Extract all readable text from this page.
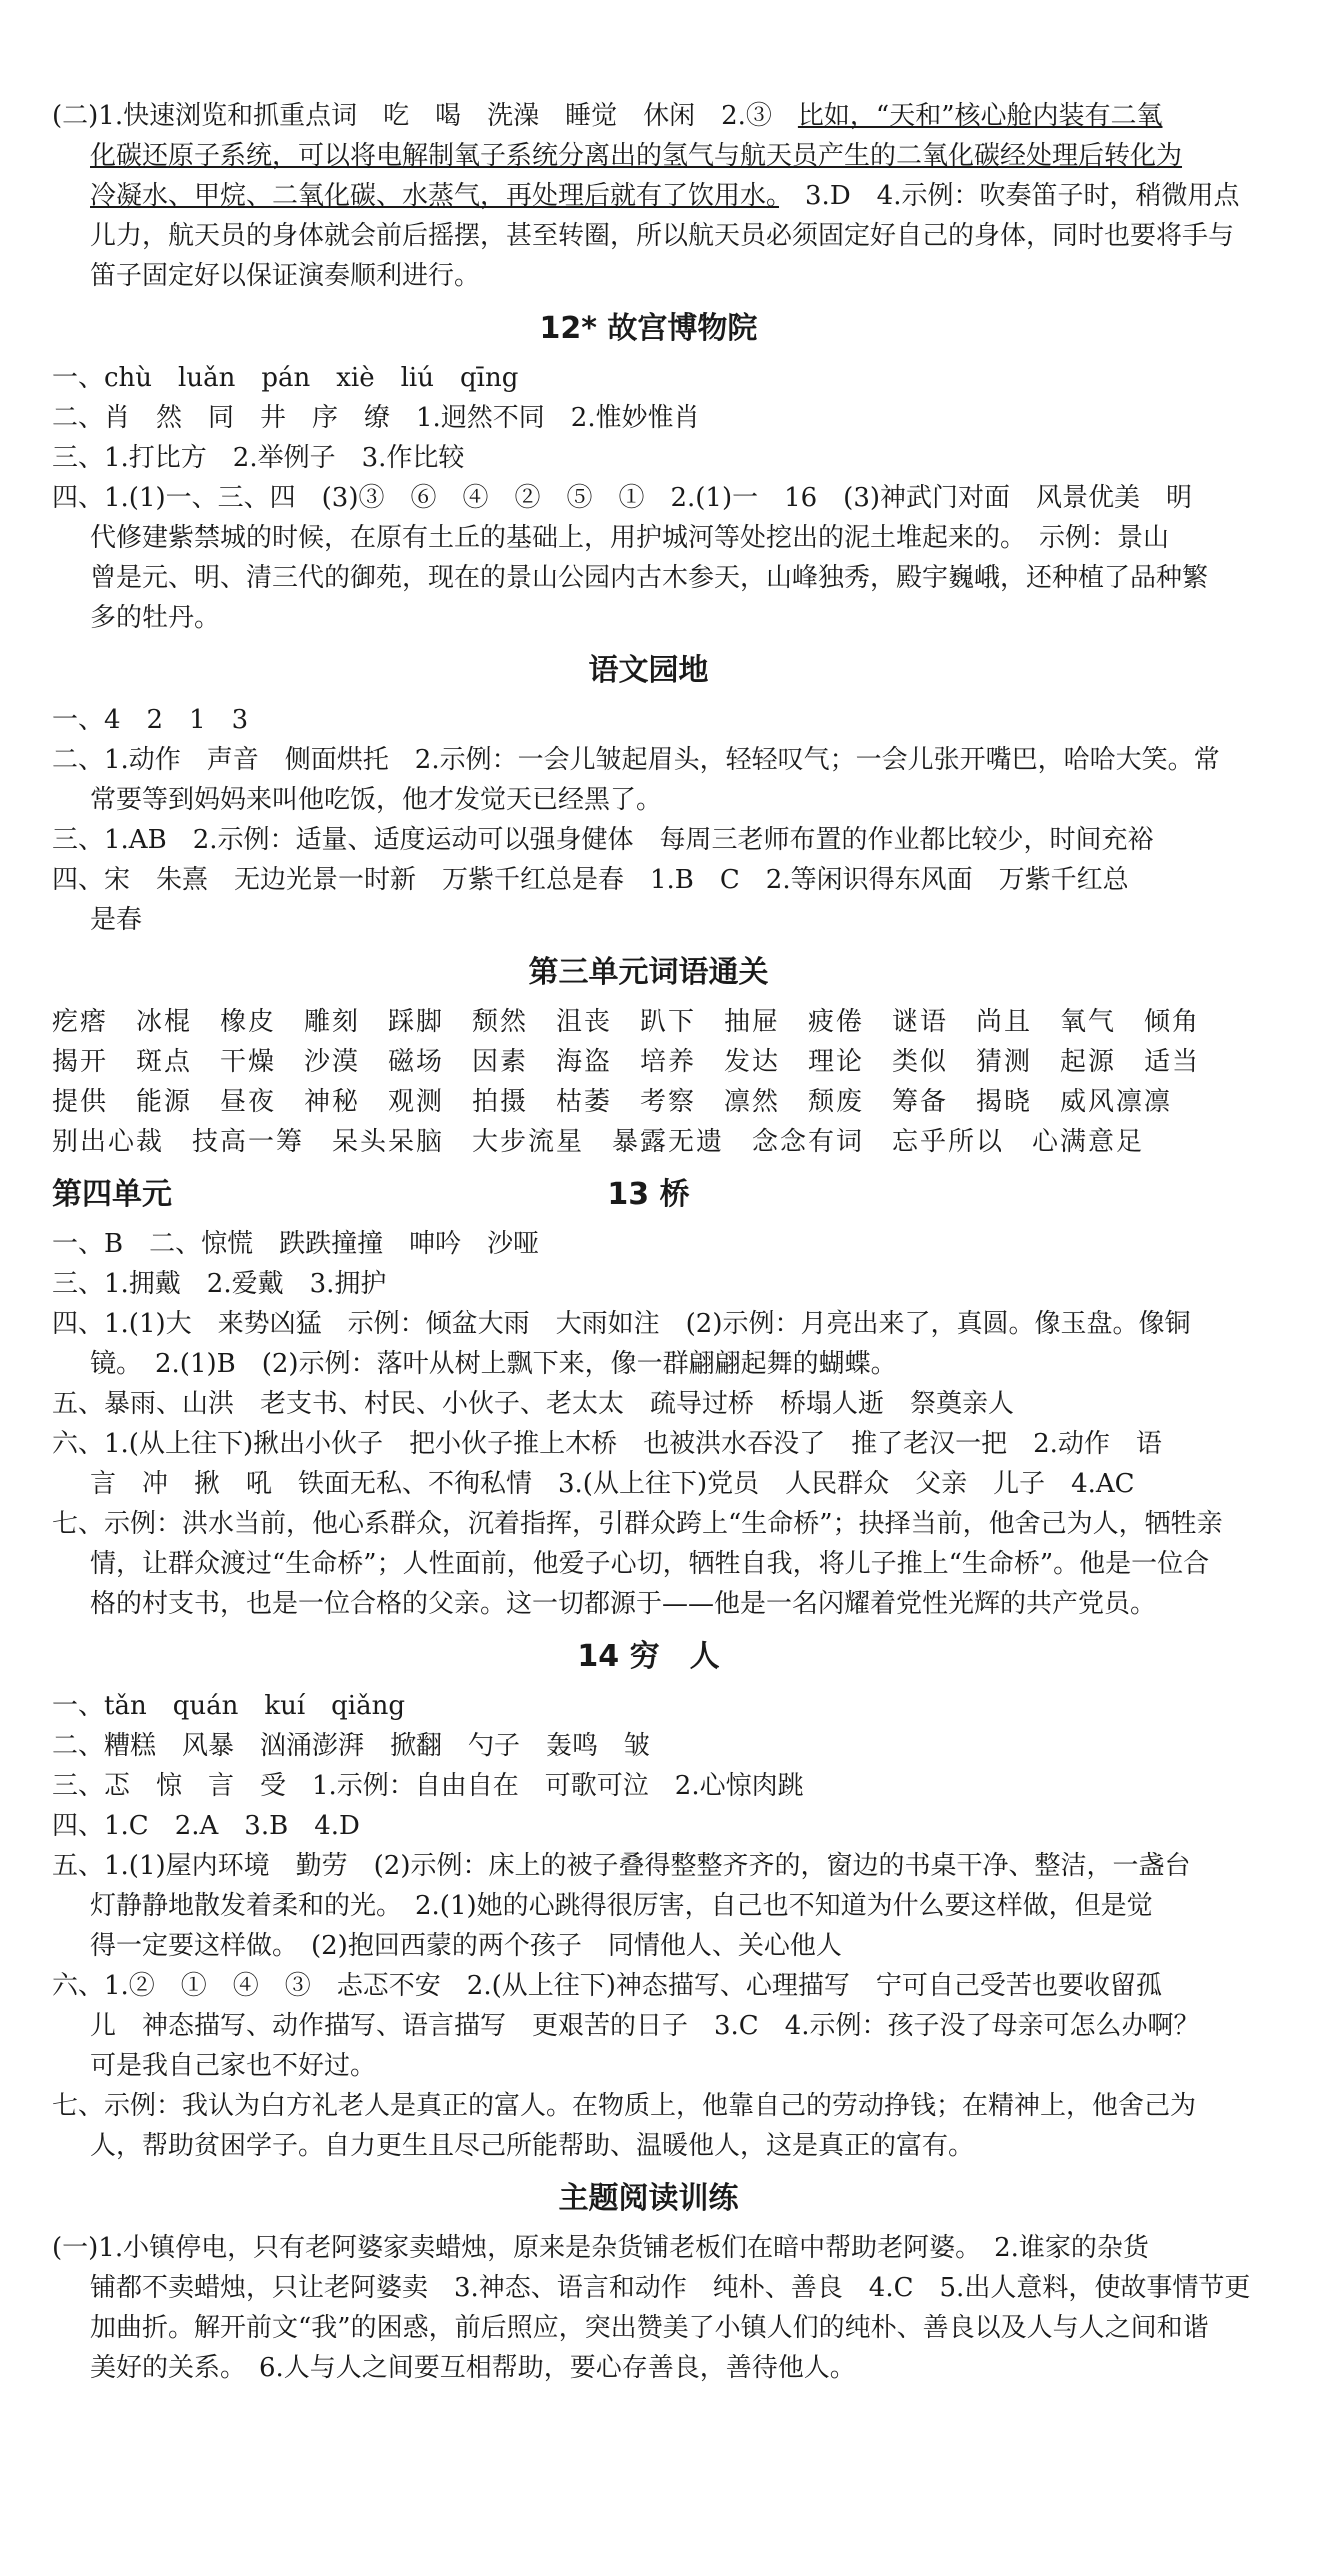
(二)1.快速浏览和抓重点词　吃　喝　洗澡　睡觉　休闲　2.③　比如，“天和”核心舱内装有二氧
化碳还原子系统，可以将电解制氧子系统分离出的氢气与航天员产生的二氧化碳经处理后转化为
冷凝水、甲烷、二氧化碳、水蒸气，再处理后就有了饮用水。　3.D　4.示例：吹奏笛子时，稍微用点
儿力，航天员的身体就会前后摇摆，甚至转圈，所以航天员必须固定好自己的身体，同时也要将手与
笛子固定好以保证演奏顺利进行。
12* 故宫博物院
一、chù　luǎn　pán　xiè　liú　qīng
二、肖　然　同　井　序　缭　1.迥然不同　2.惟妙惟肖
三、1.打比方　2.举例子　3.作比较
四、1.(1)一、三、四　(3)③　⑥　④　②　⑤　①　2.(1)一　16　(3)神武门对面　风景优美　明
代修建紫禁城的时候，在原有土丘的基础上，用护城河等处挖出的泥土堆起来的。　示例：景山
曾是元、明、清三代的御苑，现在的景山公园内古木参天，山峰独秀，殿宇巍峨，还种植了品种繁
多的牡丹。
语文园地
一、4　2　1　3
二、1.动作　声音　侧面烘托　2.示例：一会儿皱起眉头，轻轻叹气；一会儿张开嘴巴，哈哈大笑。常
常要等到妈妈来叫他吃饭，他才发觉天已经黑了。
三、1.AB　2.示例：适量、适度运动可以强身健体　每周三老师布置的作业都比较少，时间充裕
四、宋　朱熹　无边光景一时新　万紫千红总是春　1.B　C　2.等闲识得东风面　万紫千红总
是春
第三单元词语通关
疙瘩　冰棍　橡皮　雕刻　踩脚　颓然　沮丧　趴下　抽屉　疲倦　谜语　尚且　氧气　倾角
揭开　斑点　干燥　沙漠　磁场　因素　海盗　培养　发达　理论　类似　猜测　起源　适当
提供　能源　昼夜　神秘　观测　拍摄　枯萎　考察　凛然　颓废　筹备　揭晓　威风凛凛
别出心裁　技高一筹　呆头呆脑　大步流星　暴露无遗　念念有词　忘乎所以　心满意足
第四单元	13 桥
一、B　二、惊慌　跌跌撞撞　呻吟　沙哑
三、1.拥戴　2.爱戴　3.拥护
四、1.(1)大　来势凶猛　示例：倾盆大雨　大雨如注　(2)示例：月亮出来了，真圆。像玉盘。像铜
镜。　2.(1)B　(2)示例：落叶从树上飘下来，像一群翩翩起舞的蝴蝶。
五、暴雨、山洪　老支书、村民、小伙子、老太太　疏导过桥　桥塌人逝　祭奠亲人
六、1.(从上往下)揪出小伙子　把小伙子推上木桥　也被洪水吞没了　推了老汉一把　2.动作　语
言　冲　揪　吼　铁面无私、不徇私情　3.(从上往下)党员　人民群众　父亲　儿子　4.AC
七、示例：洪水当前，他心系群众，沉着指挥，引群众跨上“生命桥”；抉择当前，他舍己为人，牺牲亲
情，让群众渡过“生命桥”；人性面前，他爱子心切，牺牲自我，将儿子推上“生命桥”。他是一位合
格的村支书，也是一位合格的父亲。这一切都源于——他是一名闪耀着党性光辉的共产党员。
14 穷　人
一、tǎn　quán　kuí　qiǎng
二、糟糕　风暴　汹涌澎湃　掀翻　勺子　轰鸣　皱
三、忑　惊　言　受　1.示例：自由自在　可歌可泣　2.心惊肉跳
四、1.C　2.A　3.B　4.D
五、1.(1)屋内环境　勤劳　(2)示例：床上的被子叠得整整齐齐的，窗边的书桌干净、整洁，一盏台
灯静静地散发着柔和的光。　2.(1)她的心跳得很厉害，自己也不知道为什么要这样做，但是觉
得一定要这样做。　(2)抱回西蒙的两个孩子　同情他人、关心他人
六、1.②　①　④　③　忐忑不安　2.(从上往下)神态描写、心理描写　宁可自己受苦也要收留孤
儿　神态描写、动作描写、语言描写　更艰苦的日子　3.C　4.示例：孩子没了母亲可怎么办啊？
可是我自己家也不好过。
七、示例：我认为白方礼老人是真正的富人。在物质上，他靠自己的劳动挣钱；在精神上，他舍己为
人，帮助贫困学子。自力更生且尽己所能帮助、温暖他人，这是真正的富有。
主题阅读训练
(一)1.小镇停电，只有老阿婆家卖蜡烛，原来是杂货铺老板们在暗中帮助老阿婆。　2.谁家的杂货
铺都不卖蜡烛，只让老阿婆卖　3.神态、语言和动作　纯朴、善良　4.C　5.出人意料，使故事情节更
加曲折。解开前文“我”的困惑，前后照应，突出赞美了小镇人们的纯朴、善良以及人与人之间和谐
美好的关系。　6.人与人之间要互相帮助，要心存善良，善待他人。
